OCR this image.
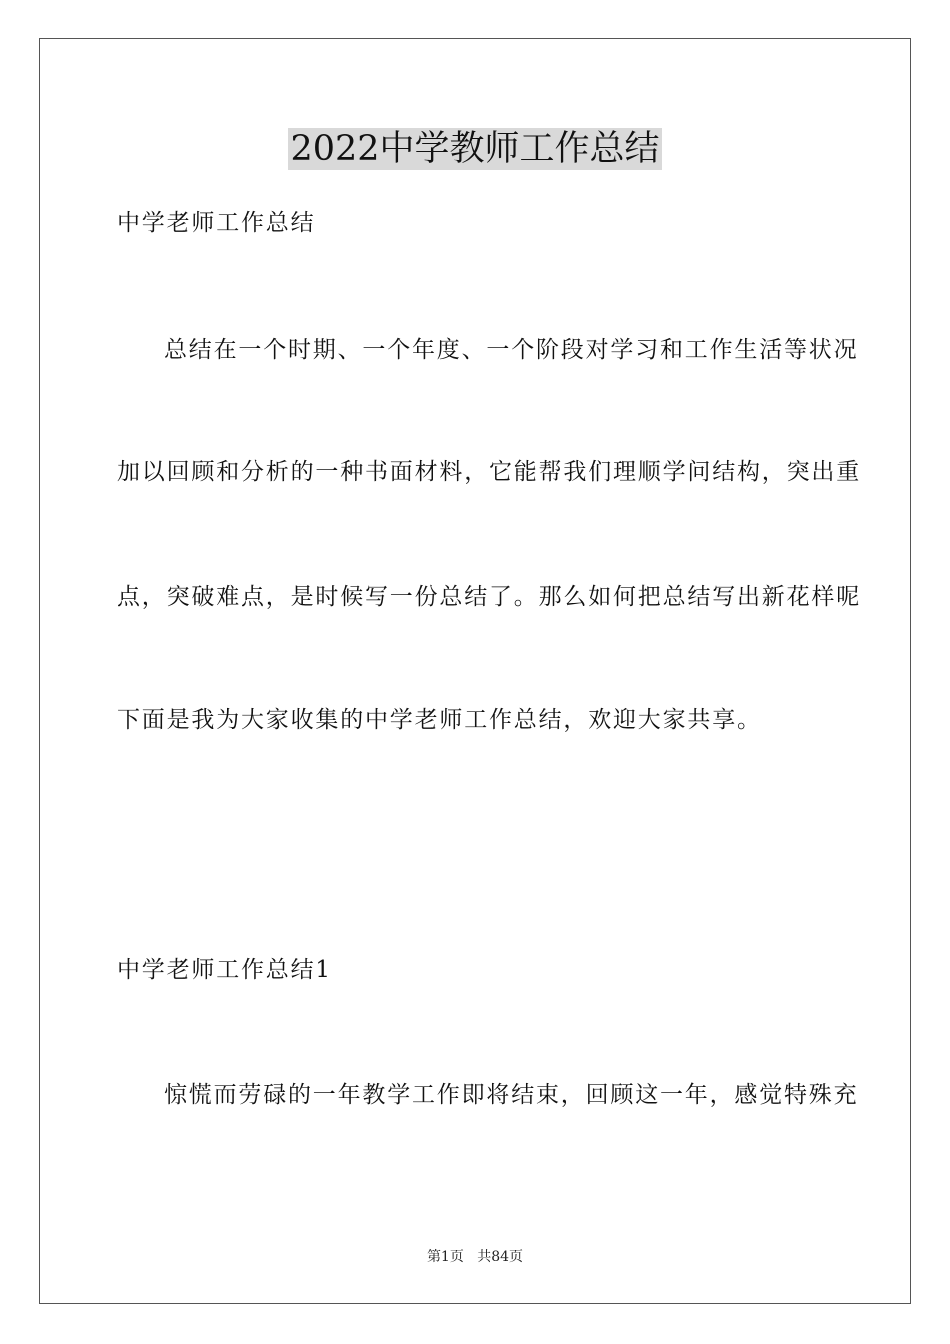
2022中学教师工作总结
中学老师工作总结
总结在一个时期、一个年度、一个阶段对学习和工作生活等状况
加以回顾和分析的一种书面材料，它能帮我们理顺学问结构，突出重
点，突破难点，是时候写一份总结了。那么如何把总结写出新花样呢
下面是我为大家收集的中学老师工作总结，欢迎大家共享。
中学老师工作总结1
惊慌而劳碌的一年教学工作即将结束，回顾这一年，感觉特殊充
第1页 共84页
